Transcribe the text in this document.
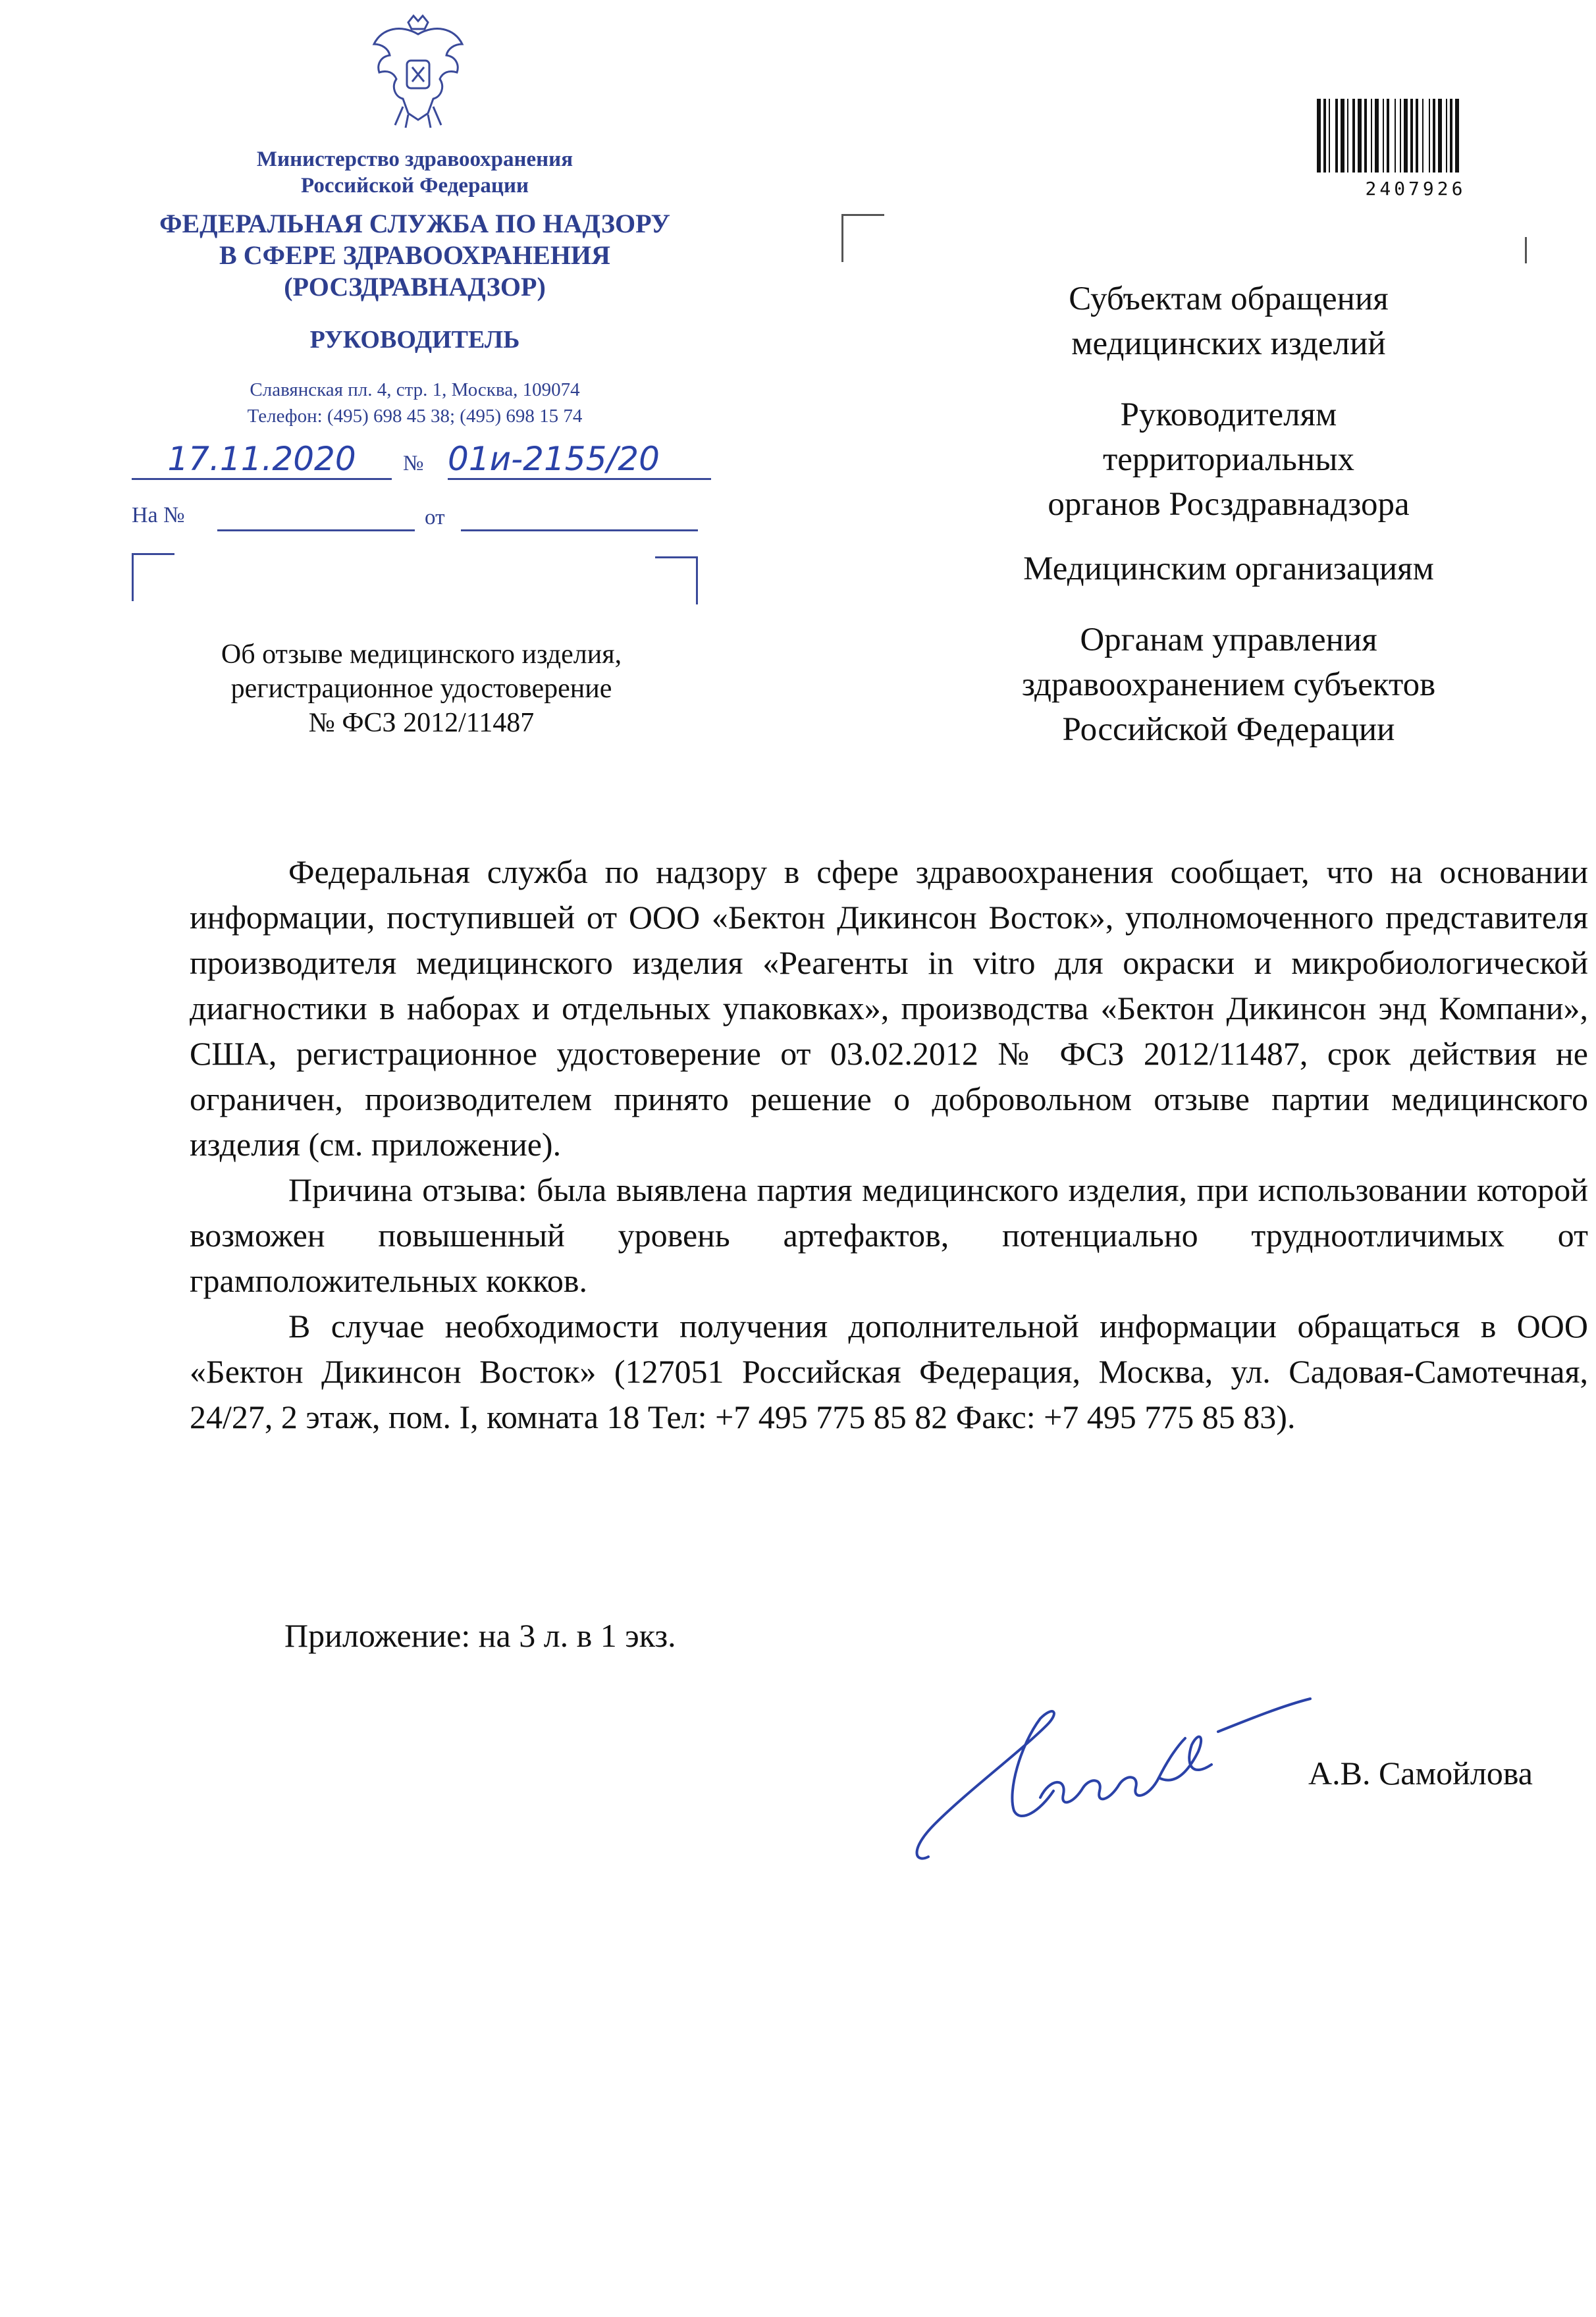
Министерство здравоохранения
Российской Федерации
ФЕДЕРАЛЬНАЯ СЛУЖБА ПО НАДЗОРУ
В СФЕРЕ ЗДРАВООХРАНЕНИЯ
(РОСЗДРАВНАДЗОР)
РУКОВОДИТЕЛЬ
Славянская пл. 4, стр. 1, Москва, 109074
Телефон: (495) 698 45 38; (495) 698 15 74
17.11.2020	№ 01и-2155/20
На №	от
2407926
Субъектам обращения
медицинских изделий
Руководителям
территориальных
органов Росздравнадзора
Медицинским организациям
Органам управления
здравоохранением субъектов
Российской Федерации
Об отзыве медицинского изделия,
регистрационное удостоверение
№ ФСЗ 2012/11487

Федеральная служба по надзору в сфере здравоохранения сообщает, что на основании информации, поступившей от ООО «Бектон Дикинсон Восток», уполномоченного представителя производителя медицинского изделия «Реагенты in vitro для окраски и микробиологической диагностики в наборах и отдельных упаковках», производства «Бектон Дикинсон энд Компани», США, регистрационное удостоверение от 03.02.2012 № ФСЗ 2012/11487, срок действия не ограничен, производителем принято решение о добровольном отзыве партии медицинского изделия (см. приложение).

Причина отзыва: была выявлена партия медицинского изделия, при использовании которой возможен повышенный уровень артефактов, потенциально трудноотличимых от грамположительных кокков.

В случае необходимости получения дополнительной информации обращаться в ООО «Бектон Дикинсон Восток» (127051 Российская Федерация, Москва, ул. Садовая-Самотечная, 24/27, 2 этаж, пом. I, комната 18 Тел: +7 495 775 85 82 Факс: +7 495 775 85 83).

Приложение: на 3 л. в 1 экз.
А.В. Самойлова
